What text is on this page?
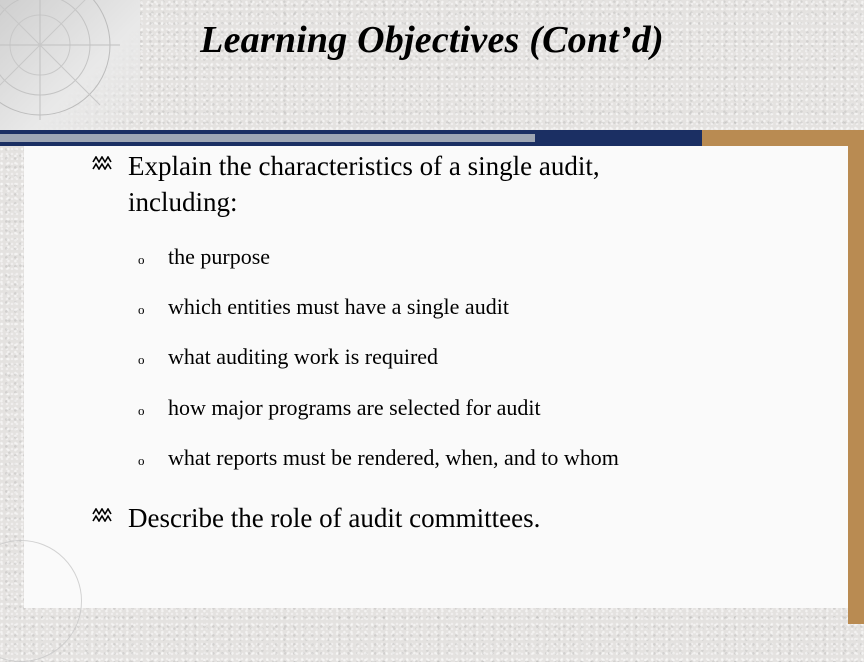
Learning Objectives (Cont’d)
Explain the characteristics of a single audit,
including:
o	the purpose
o	which entities must have a single audit
o	what auditing work is required
o	how major programs are selected for audit
o	what reports must be rendered, when, and to whom
Describe the role of audit committees.
